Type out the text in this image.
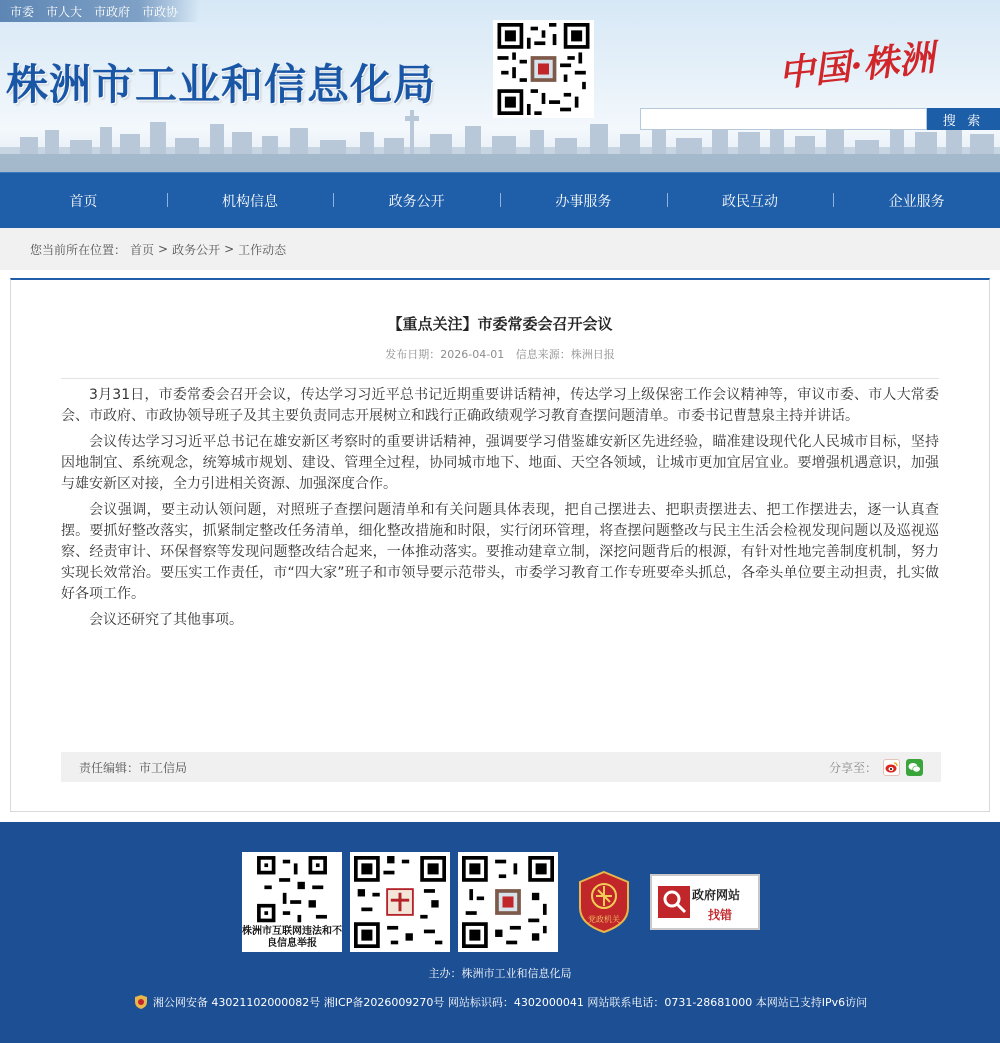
市委 市人大 市政府 市政协
株洲市工业和信息化局	中国·株洲
搜 索
首页	机构信息	政务公开	办事服务	政民互动	企业服务
您当前所在位置： 首页 > 政务公开 > 工作动态
【重点关注】市委常委会召开会议
发布日期：2026-04-01 信息来源：株洲日报

3月31日，市委常委会召开会议，传达学习习近平总书记近期重要讲话精神，传达学习上级保密工作会议精神等，审议市委、市人大常委会、市政府、市政协领导班子及其主要负责同志开展树立和践行正确政绩观学习教育查摆问题清单。市委书记曹慧泉主持并讲话。

会议传达学习习近平总书记在雄安新区考察时的重要讲话精神，强调要学习借鉴雄安新区先进经验，瞄准建设现代化人民城市目标，坚持因地制宜、系统观念，统筹城市规划、建设、管理全过程，协同城市地下、地面、天空各领域，让城市更加宜居宜业。要增强机遇意识，加强与雄安新区对接，全力引进相关资源、加强深度合作。

会议强调，要主动认领问题，对照班子查摆问题清单和有关问题具体表现，把自己摆进去、把职责摆进去、把工作摆进去，逐一认真查摆。要抓好整改落实，抓紧制定整改任务清单，细化整改措施和时限，实行闭环管理，将查摆问题整改与民主生活会检视发现问题以及巡视巡察、经责审计、环保督察等发现问题整改结合起来，一体推动落实。要推动建章立制，深挖问题背后的根源，有针对性地完善制度机制，努力实现长效常治。要压实工作责任，市“四大家”班子和市领导要示范带头，市委学习教育工作专班要牵头抓总，各牵头单位要主动担责，扎实做好各项工作。

会议还研究了其他事项。

责任编辑：市工信局	分享至：
株洲市互联网违法和不良信息举报
党政机关
政府网站
找错
主办：株洲市工业和信息化局
湘公网安备 43021102000082号 湘ICP备2026009270号 网站标识码：4302000041 网站联系电话：0731-28681000 本网站已支持IPv6访问
